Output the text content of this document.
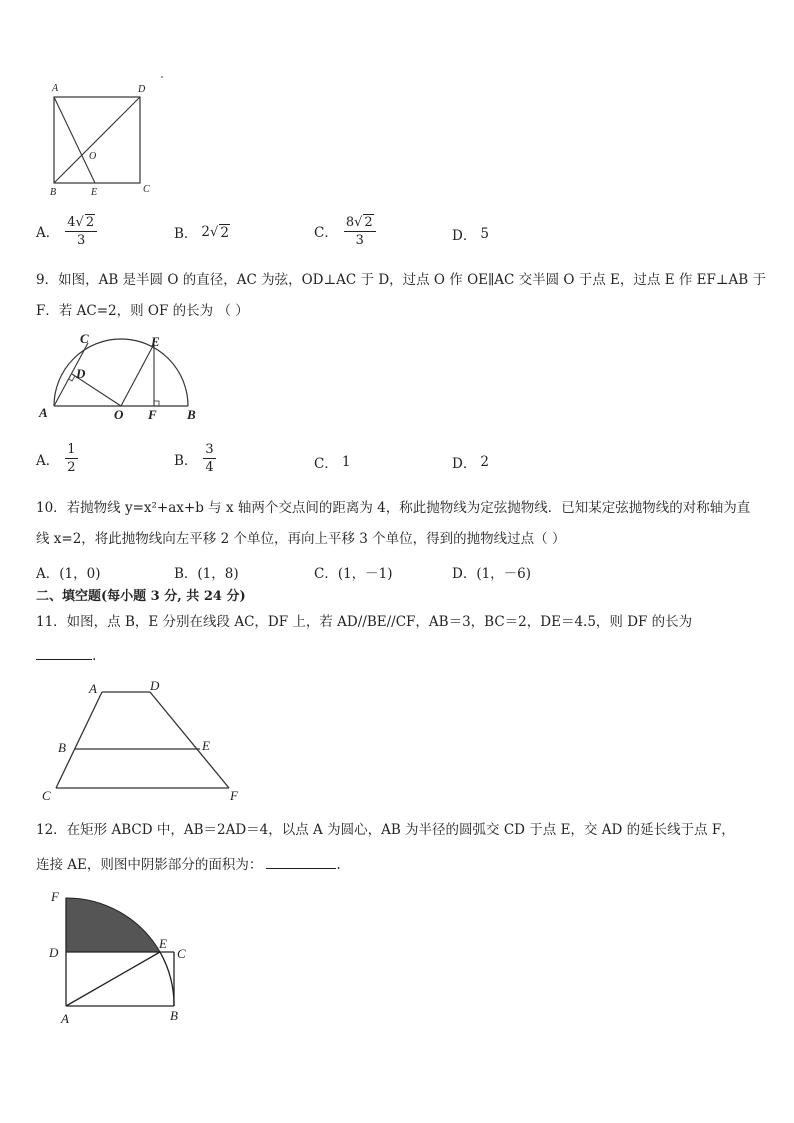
A	D
O
B	E	C
A． $\frac{4√ 2}{3}$	B． 2 √ 2	C． $\frac{8√ 2}{3}$	D． 5
9．如图，AB 是半圆 O 的直径，AC 为弦，OD⊥AC 于 D，过点 O 作 OE∥AC 交半圆 O 于点 E，过点 E 作 EF⊥AB 于
F．若 AC=2，则 OF 的长为 （ ）
C	E
D
A	O F B
A． $\frac{1}{2}$	B． $\frac{3}{4}$	C． 1	D． 2
10．若抛物线 y=x²+ax+b 与 x 轴两个交点间的距离为 4，称此抛物线为定弦抛物线．已知某定弦抛物线的对称轴为直
线 x=2，将此抛物线向左平移 2 个单位，再向上平移 3 个单位，得到的抛物线过点（ ）
A．(1，0)	B．(1，8)	C．(1，－1)	D．(1，－6)
二、填空题(每小题 3 分, 共 24 分)
11．如图，点 B，E 分别在线段 AC，DF 上，若 AD//BE//CF，AB＝3，BC＝2，DE＝4.5，则 DF 的长为
.
A	D
B	E
C	F
12．在矩形 ABCD 中，AB＝2AD＝4，以点 A 为圆心，AB 为半径的圆弧交 CD 于点 E，交 AD 的延长线于点 F，
连接 AE，则图中阴影部分的面积为：	.
F
D
E
C
A	B
